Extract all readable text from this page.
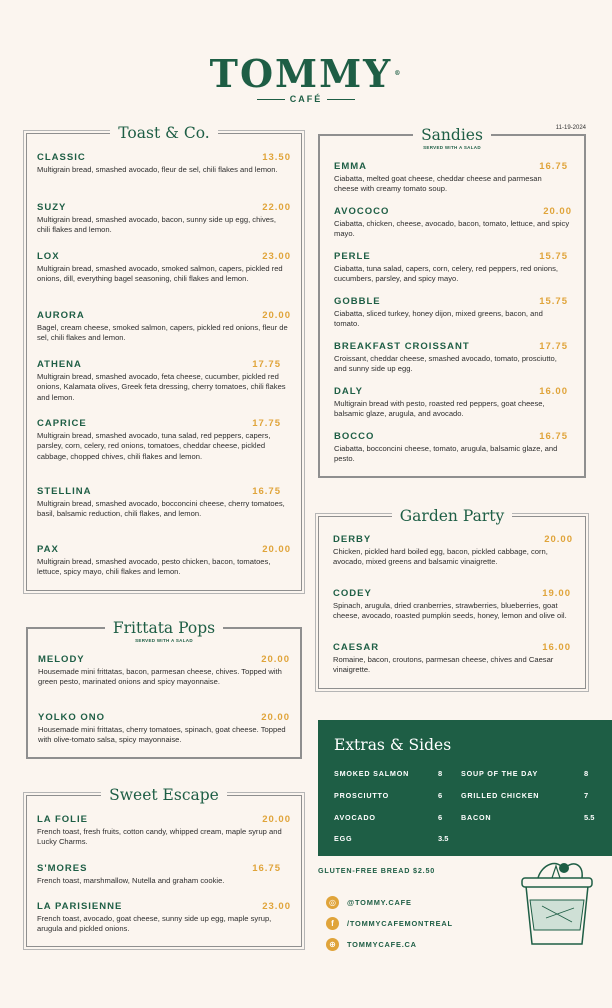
TOMMY ®
CAFÉ
11-19-2024
Toast & Co.
CLASSIC	13.50
Multigrain bread, smashed avocado, fleur de sel, chili flakes and lemon.
SUZY	22.00
Multigrain bread, smashed avocado, bacon, sunny side up egg, chives, chili flakes and lemon.
LOX	23.00
Multigrain bread, smashed avocado, smoked salmon, capers, pickled red onions, dill, everything bagel seasoning, chili flakes and lemon.
AURORA	20.00
Bagel, cream cheese, smoked salmon, capers, pickled red onions, fleur de sel, chili flakes and lemon.
ATHENA	17.75
Multigrain bread, smashed avocado, feta cheese, cucumber, pickled red onions, Kalamata olives, Greek feta dressing, cherry tomatoes, chili flakes and lemon.
CAPRICE	17.75
Multigrain bread, smashed avocado, tuna salad, red peppers, capers, parsley, corn, celery, red onions, tomatoes, cheddar cheese, pickled cabbage, chopped chives, chili flakes and lemon.
STELLINA	16.75
Multigrain bread, smashed avocado, bocconcini cheese, cherry tomatoes, basil, balsamic reduction, chili flakes, and lemon.
PAX	20.00
Multigrain bread, smashed avocado, pesto chicken, bacon, tomatoes, lettuce, spicy mayo, chili flakes and lemon.
Frittata Pops
SERVED WITH A SALAD
MELODY	20.00
Housemade mini frittatas, bacon, parmesan cheese, chives. Topped with green pesto, marinated onions and spicy mayonnaise.
YOLKO ONO	20.00
Housemade mini frittatas, cherry tomatoes, spinach, goat cheese. Topped with olive-tomato salsa, spicy mayonnaise.
Sweet Escape
LA FOLIE	20.00
French toast, fresh fruits, cotton candy, whipped cream, maple syrup and Lucky Charms.
S'MORES	16.75
French toast, marshmallow, Nutella and graham cookie.
LA PARISIENNE	23.00
French toast, avocado, goat cheese, sunny side up egg, maple syrup, arugula and pickled onions.
Sandies
SERVED WITH A SALAD
EMMA	16.75
Ciabatta, melted goat cheese, cheddar cheese and parmesan cheese with creamy tomato soup.
AVOCOCO	20.00
Ciabatta, chicken, cheese, avocado, bacon, tomato, lettuce, and spicy mayo.
PERLE	15.75
Ciabatta, tuna salad, capers, corn, celery, red peppers, red onions, cucumbers, parsley, and spicy mayo.
GOBBLE	15.75
Ciabatta, sliced turkey, honey dijon, mixed greens, bacon, and tomato.
BREAKFAST CROISSANT	17.75
Croissant, cheddar cheese, smashed avocado, tomato, prosciutto, and sunny side up egg.
DALY	16.00
Multigrain bread with pesto, roasted red peppers, goat cheese, balsamic glaze, arugula, and avocado.
BOCCO	16.75
Ciabatta, bocconcini cheese, tomato, arugula, balsamic glaze, and pesto.
Garden Party
DERBY	20.00
Chicken, pickled hard boiled egg, bacon, pickled cabbage, corn, avocado, mixed greens and balsamic vinaigrette.
CODEY	19.00
Spinach, arugula, dried cranberries, strawberries, blueberries, goat cheese, avocado, roasted pumpkin seeds, honey, lemon and olive oil.
CAESAR	16.00
Romaine, bacon, croutons, parmesan cheese, chives and Caesar vinaigrette.
Extras & Sides
SMOKED SALMON	8
PROSCIUTTO	6
AVOCADO	6
EGG	3.5
SOUP OF THE DAY	8
GRILLED CHICKEN	7
BACON	5.5
GLUTEN-FREE BREAD $2.50
◎	@TOMMY.CAFE
f	/TOMMYCAFEMONTREAL
⊕	TOMMYCAFE.CA
